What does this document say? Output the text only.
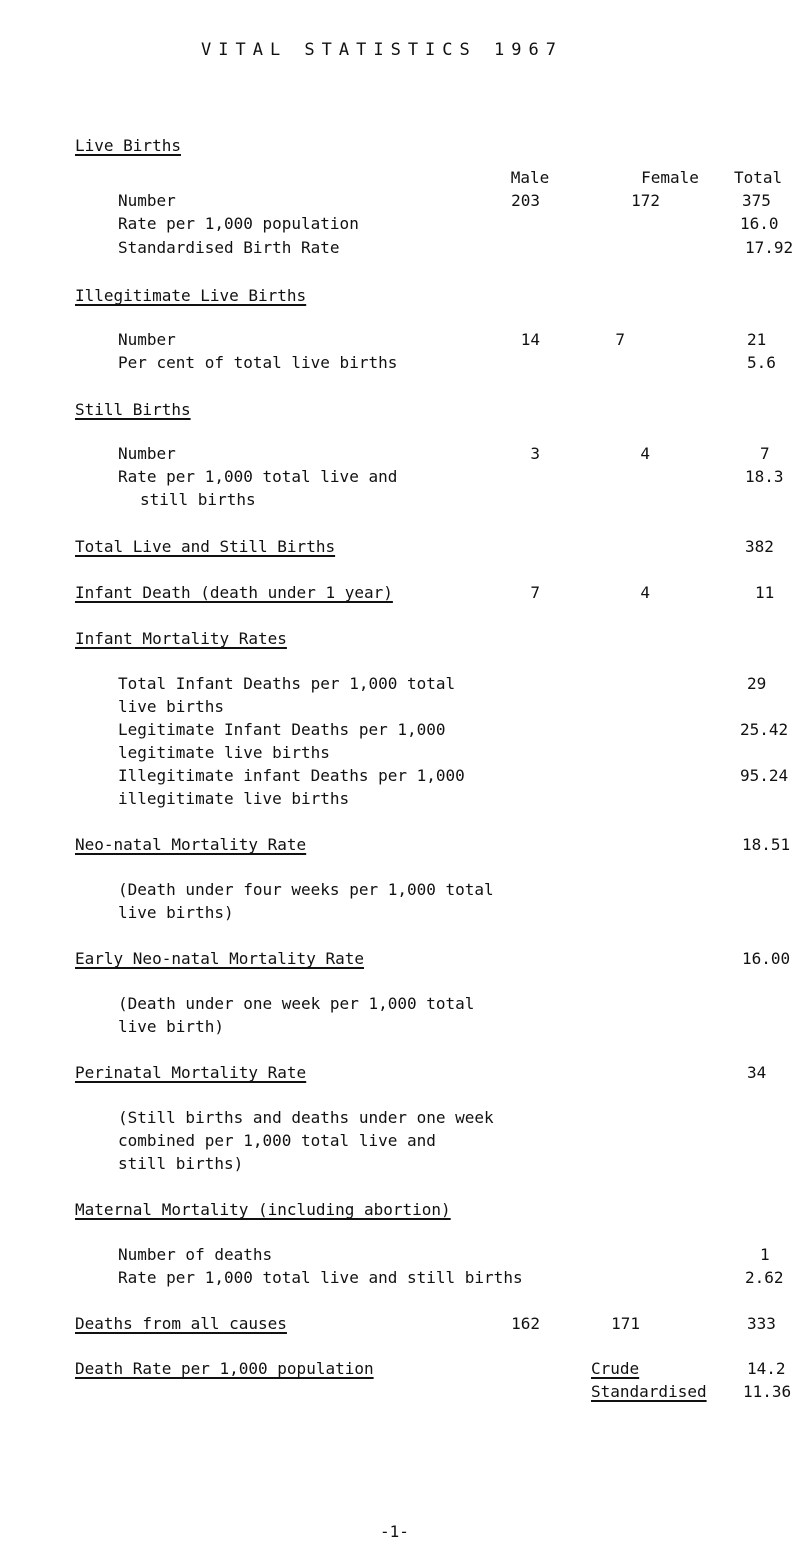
VITAL STATISTICS 1967
Live Births
Male	Female	Total
Number	203	172	375
Rate per 1,000 population	16.0
Standardised Birth Rate	17.92
Illegitimate Live Births
Number	14	7	21
Per cent of total live births	5.6
Still Births
Number	3	4	7
Rate per 1,000 total live and	18.3
still births
Total Live and Still Births	382
Infant Death (death under 1 year)	7	4	11
Infant Mortality Rates
Total Infant Deaths per 1,000 total	29
live births
Legitimate Infant Deaths per 1,000	25.42
legitimate live births
Illegitimate infant Deaths per 1,000	95.24
illegitimate live births
Neo-natal Mortality Rate	18.51
(Death under four weeks per 1,000 total
live births)
Early Neo-natal Mortality Rate	16.00
(Death under one week per 1,000 total
live birth)
Perinatal Mortality Rate	34
(Still births and deaths under one week
combined per 1,000 total live and
still births)
Maternal Mortality (including abortion)
Number of deaths	1
Rate per 1,000 total live and still births	2.62
Deaths from all causes	162	171	333
Death Rate per 1,000 population	Crude	14.2
Standardised 11.36
-1-
